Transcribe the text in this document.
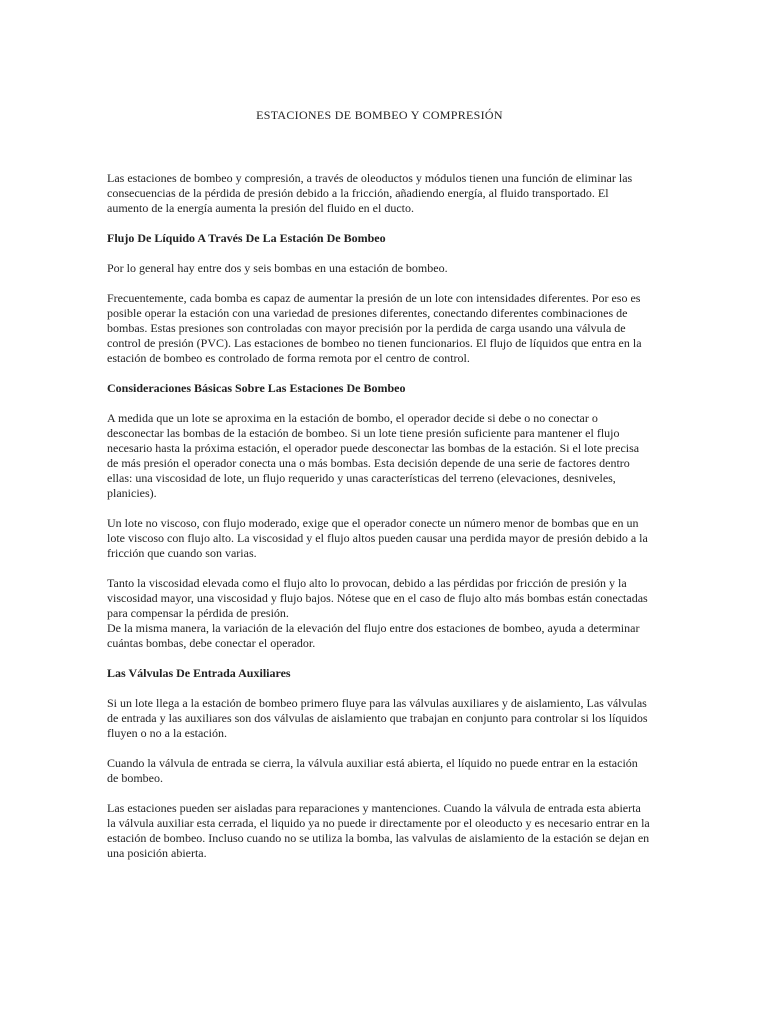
ESTACIONES DE BOMBEO Y COMPRESIÓN

Las estaciones de bombeo y compresión, a través de oleoductos y módulos tienen una función de eliminar las consecuencias de la pérdida de presión debido a la fricción, añadiendo energía, al fluido transportado. El aumento de la energía aumenta la presión del fluido en el ducto.

Flujo De Líquido A Través De La Estación De Bombeo

Por lo general hay entre dos y seis bombas en una estación de bombeo.

Frecuentemente, cada bomba es capaz de aumentar la presión de un lote con intensidades diferentes. Por eso es posible operar la estación con una variedad de presiones diferentes, conectando diferentes combinaciones de bombas. Estas presiones son controladas con mayor precisión por la perdida de carga usando una válvula de control de presión (PVC). Las estaciones de bombeo no tienen funcionarios. El flujo de líquidos que entra en la estación de bombeo es controlado de forma remota por el centro de control.

Consideraciones Básicas Sobre Las Estaciones De Bombeo

A medida que un lote se aproxima en la estación de bombo, el operador decide si debe o no conectar o desconectar las bombas de la estación de bombeo. Si un lote tiene presión suficiente para mantener el flujo necesario hasta la próxima estación, el operador puede desconectar las bombas de la estación. Si el lote precisa de más presión el operador conecta una o más bombas. Esta decisión depende de una serie de factores dentro ellas: una viscosidad de lote, un flujo requerido y unas características del terreno (elevaciones, desniveles, planicies).

Un lote no viscoso, con flujo moderado, exige que el operador conecte un número menor de bombas que en un lote viscoso con flujo alto. La viscosidad y el flujo altos pueden causar una perdida mayor de presión debido a la fricción que cuando son varias.

Tanto la viscosidad elevada como el flujo alto lo provocan, debido a las pérdidas por fricción de presión y la viscosidad mayor, una viscosidad y flujo bajos. Nótese que en el caso de flujo alto más bombas están conectadas para compensar la pérdida de presión.

De la misma manera, la variación de la elevación del flujo entre dos estaciones de bombeo, ayuda a determinar cuántas bombas, debe conectar el operador.

Las Válvulas De Entrada Auxiliares

Si un lote llega a la estación de bombeo primero fluye para las válvulas auxiliares y de aislamiento, Las válvulas de entrada y las auxiliares son dos válvulas de aislamiento que trabajan en conjunto para controlar si los líquidos fluyen o no a la estación.

Cuando la válvula de entrada se cierra, la válvula auxiliar está abierta, el líquido no puede entrar en la estación de bombeo.

Las estaciones pueden ser aisladas para reparaciones y mantenciones. Cuando la válvula de entrada esta abierta la válvula auxiliar esta cerrada, el liquido ya no puede ir directamente por el oleoducto y es necesario entrar en la estación de bombeo. Incluso cuando no se utiliza la bomba, las valvulas de aislamiento de la estación se dejan en una posición abierta.
